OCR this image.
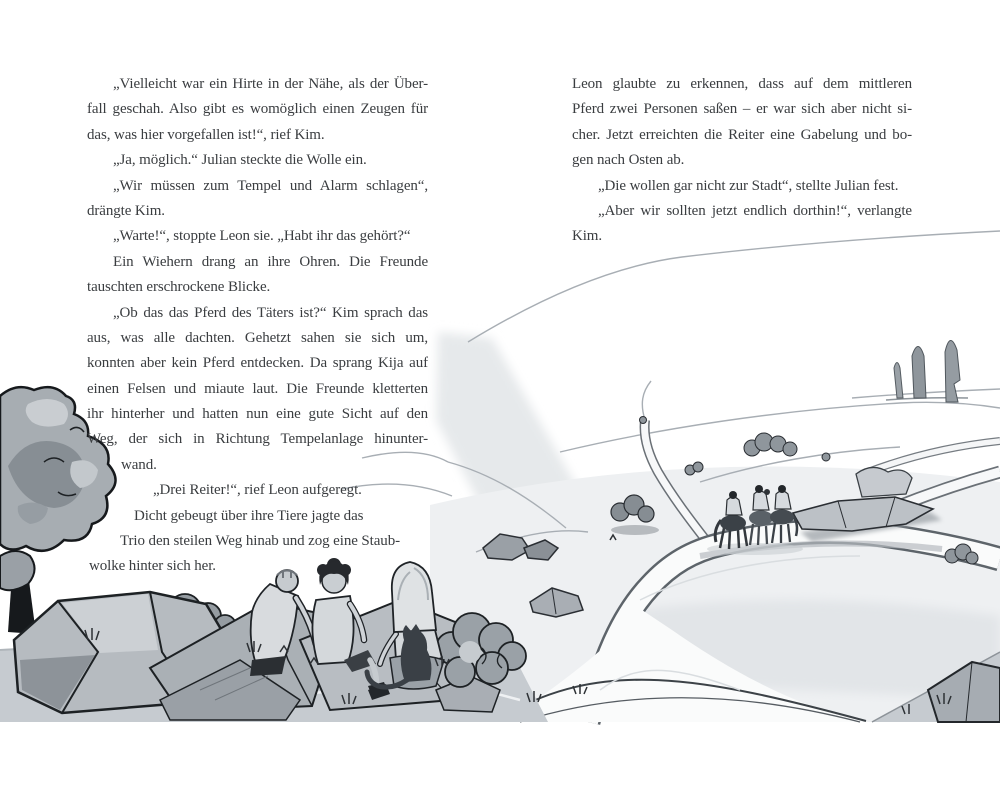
„Vielleicht war ein Hirte in der Nähe, als der Über-
fall geschah. Also gibt es womöglich einen Zeugen für
das, was hier vorgefallen ist!“, rief Kim.
„Ja, möglich.“ Julian steckte die Wolle ein.
„Wir müssen zum Tempel und Alarm schlagen“,
drängte Kim.
„Warte!“, stoppte Leon sie. „Habt ihr das gehört?“
Ein Wiehern drang an ihre Ohren. Die Freunde
tauschten erschrockene Blicke.
„Ob das das Pferd des Täters ist?“ Kim sprach das
aus, was alle dachten. Gehetzt sahen sie sich um,
konnten aber kein Pferd entdecken. Da sprang Kija auf
einen Felsen und miaute laut. Die Freunde kletterten
ihr hinterher und hatten nun eine gute Sicht auf den
Weg, der sich in Richtung Tempelanlage hinunter-
wand.
„Drei Reiter!“, rief Leon aufgeregt.
Dicht gebeugt über ihre Tiere jagte das
Trio den steilen Weg hinab und zog eine Staub-
wolke hinter sich her.
Leon glaubte zu erkennen, dass auf dem mittleren
Pferd zwei Personen saßen – er war sich aber nicht si-
cher. Jetzt erreichten die Reiter eine Gabelung und bo-
gen nach Osten ab.
„Die wollen gar nicht zur Stadt“, stellte Julian fest.
„Aber wir sollten jetzt endlich dorthin!“, verlangte
Kim.
